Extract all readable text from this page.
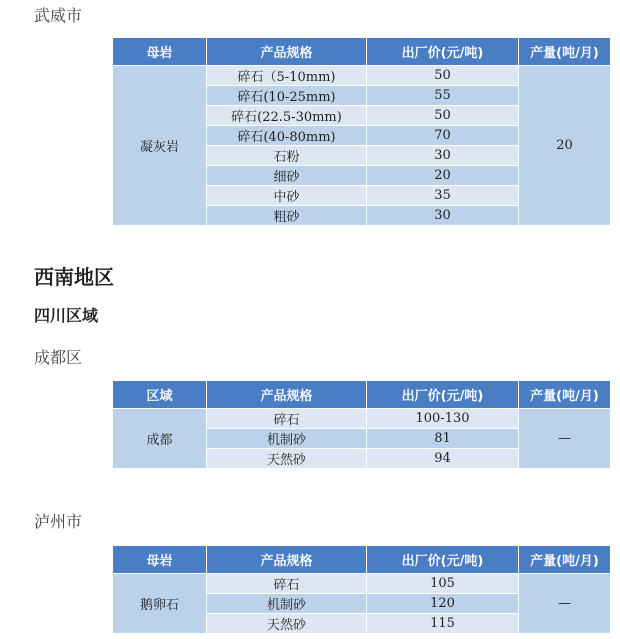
武威市
母岩	产品规格	出厂价(元/吨)	产量(吨/月)
凝灰岩	碎石（5-10mm)	50	20
	碎石(10-25mm)	55	
	碎石(22.5-30mm)	50	
	碎石(40-80mm)	70	
	石粉	30	
	细砂	20	
	中砂	35	
	粗砂	30	
西南地区
四川区域
成都区
区域	产品规格	出厂价(元/吨)	产量(吨/月)
成都	碎石	100-130	—
	机制砂	81	
	天然砂	94	
泸州市
母岩	产品规格	出厂价(元/吨)	产量(吨/月)
鹅卵石	碎石	105	—
	机制砂	120	
	天然砂	115	
